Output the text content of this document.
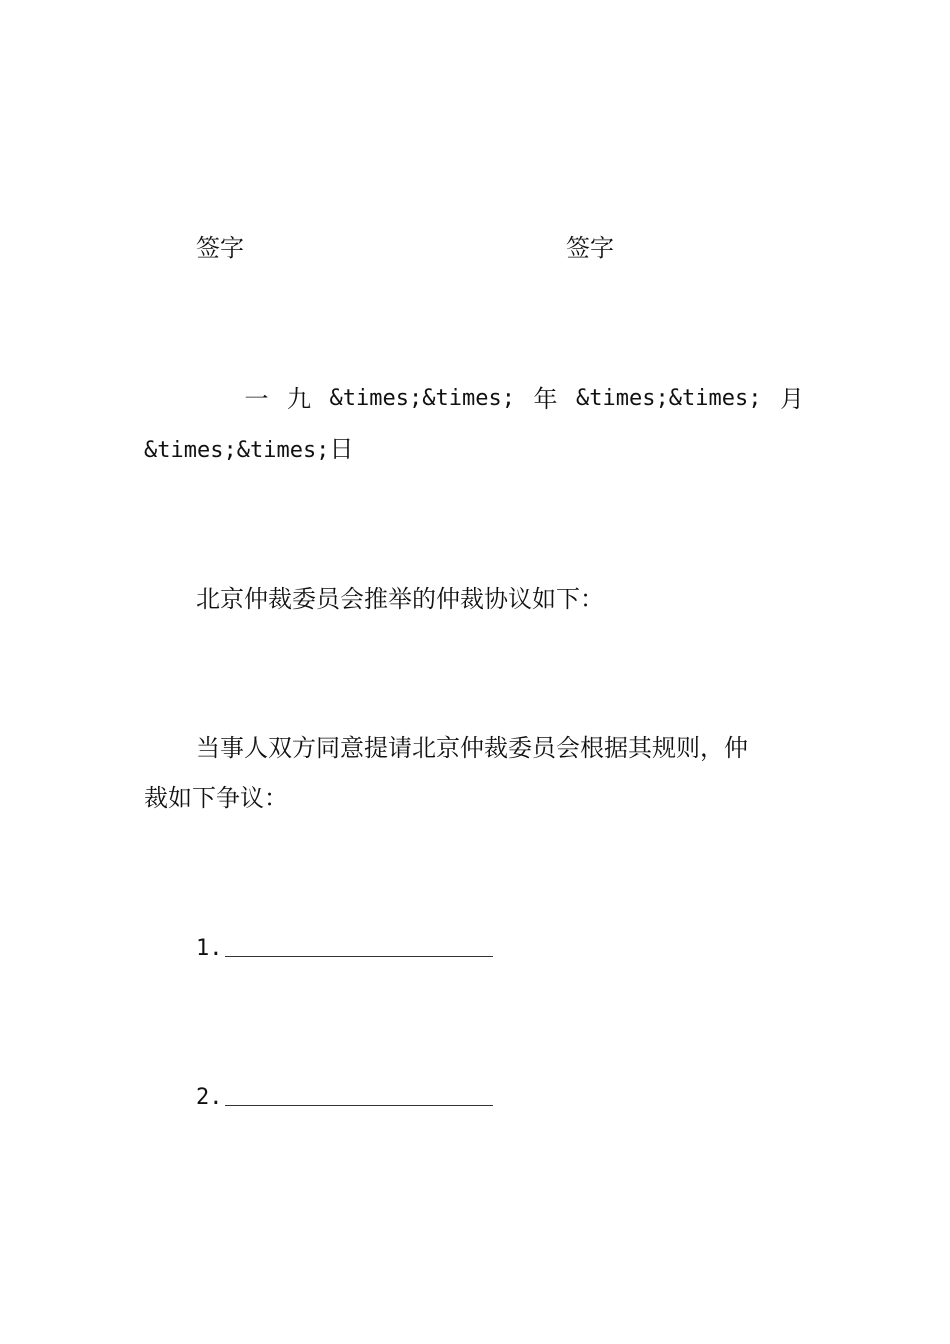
签字	签字
一 九 &times;&times; 年 &times;&times; 月
&times;&times;日
北京仲裁委员会推举的仲裁协议如下：
当事人双方同意提请北京仲裁委员会根据其规则，仲
裁如下争议：
1.
2.
